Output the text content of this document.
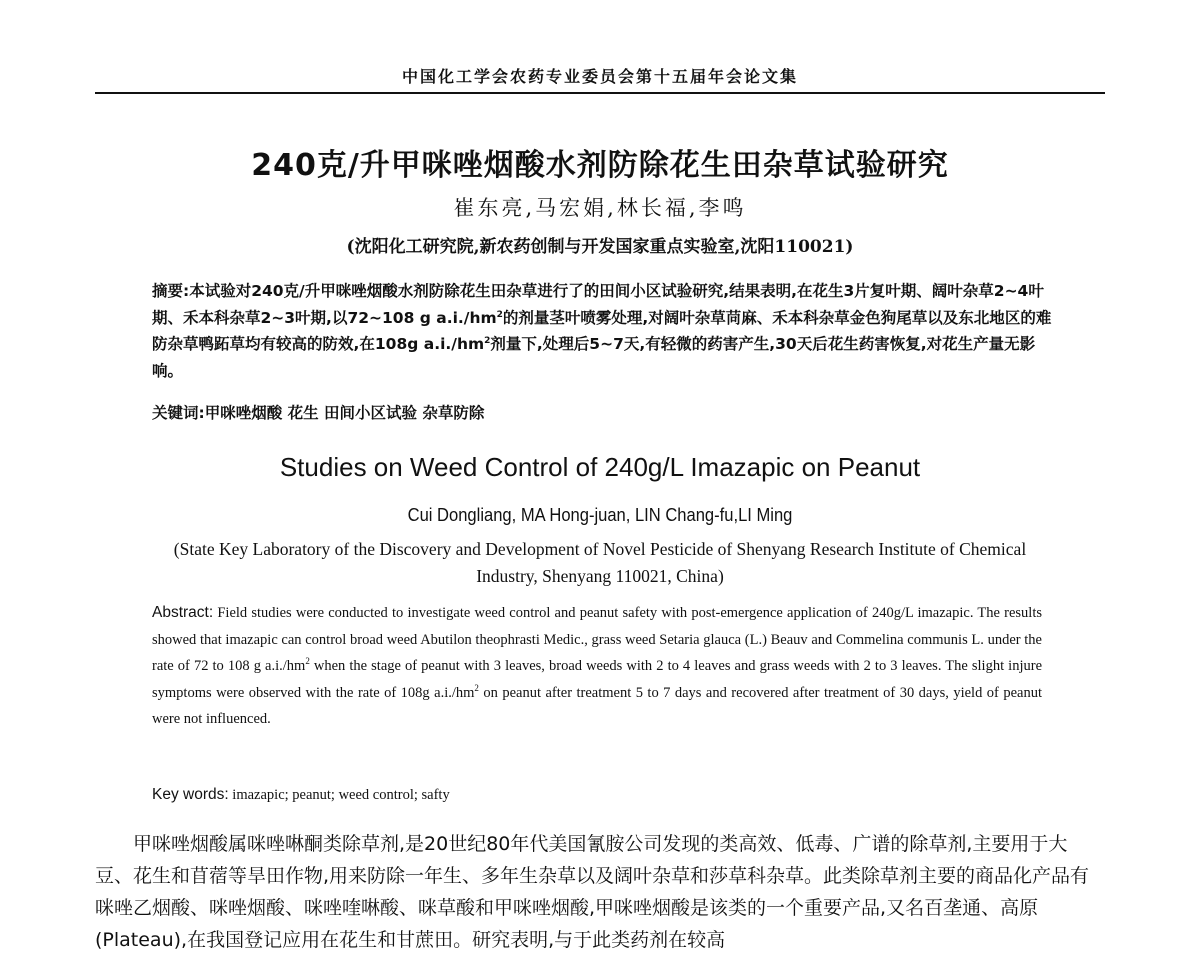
中国化工学会农药专业委员会第十五届年会论文集
240克/升甲咪唑烟酸水剂防除花生田杂草试验研究
崔东亮,马宏娟,林长福,李鸣
(沈阳化工研究院,新农药创制与开发国家重点实验室,沈阳110021)

摘要:本试验对240克/升甲咪唑烟酸水剂防除花生田杂草进行了的田间小区试验研究,结果表明,在花生3片复叶期、阔叶杂草2~4叶期、禾本科杂草2~3叶期,以72~108 g $a.i./hm^2$的剂量茎叶喷雾处理,对阔叶杂草苘麻、禾本科杂草金色狗尾草以及东北地区的难防杂草鸭跖草均有较高的防效,在108g $a.i./hm^2$剂量下,处理后5~7天,有轻微的药害产生,30天后花生药害恢复,对花生产量无影响。

关键词:甲咪唑烟酸 花生 田间小区试验 杂草防除
Studies on Weed Control of 240g/L Imazapic on Peanut
Cui Dongliang, MA Hong-juan, LIN Chang-fu,LI Ming
(State Key Laboratory of the Discovery and Development of Novel Pesticide of Shenyang Research Institute of Chemical Industry, Shenyang 110021, China)

Abstract: Field studies were conducted to investigate weed control and peanut safety with post-emergence application of 240g/L imazapic. The results showed that imazapic can control broad weed Abutilon theophrasti Medic., grass weed Setaria glauca (L.) Beauv and Commelina communis L. under the rate of 72 to 108 g $a.i./hm^2$ when the stage of peanut with 3 leaves, broad weeds with 2 to 4 leaves and grass weeds with 2 to 3 leaves. The slight injure symptoms were observed with the rate of 108g $a.i./hm^2$ on peanut after treatment 5 to 7 days and recovered after treatment of 30 days, yield of peanut were not influenced.

Key words: imazapic; peanut; weed control; safty

甲咪唑烟酸属咪唑啉酮类除草剂,是20世纪80年代美国氰胺公司发现的类高效、低毒、广谱的除草剂,主要用于大豆、花生和苜蓿等旱田作物,用来防除一年生、多年生杂草以及阔叶杂草和莎草科杂草。此类除草剂主要的商品化产品有咪唑乙烟酸、咪唑烟酸、咪唑喹啉酸、咪草酸和甲咪唑烟酸,甲咪唑烟酸是该类的一个重要产品,又名百垄通、高原(Plateau),在我国登记应用在花生和甘蔗田。研究表明,与于此类药剂在较高
